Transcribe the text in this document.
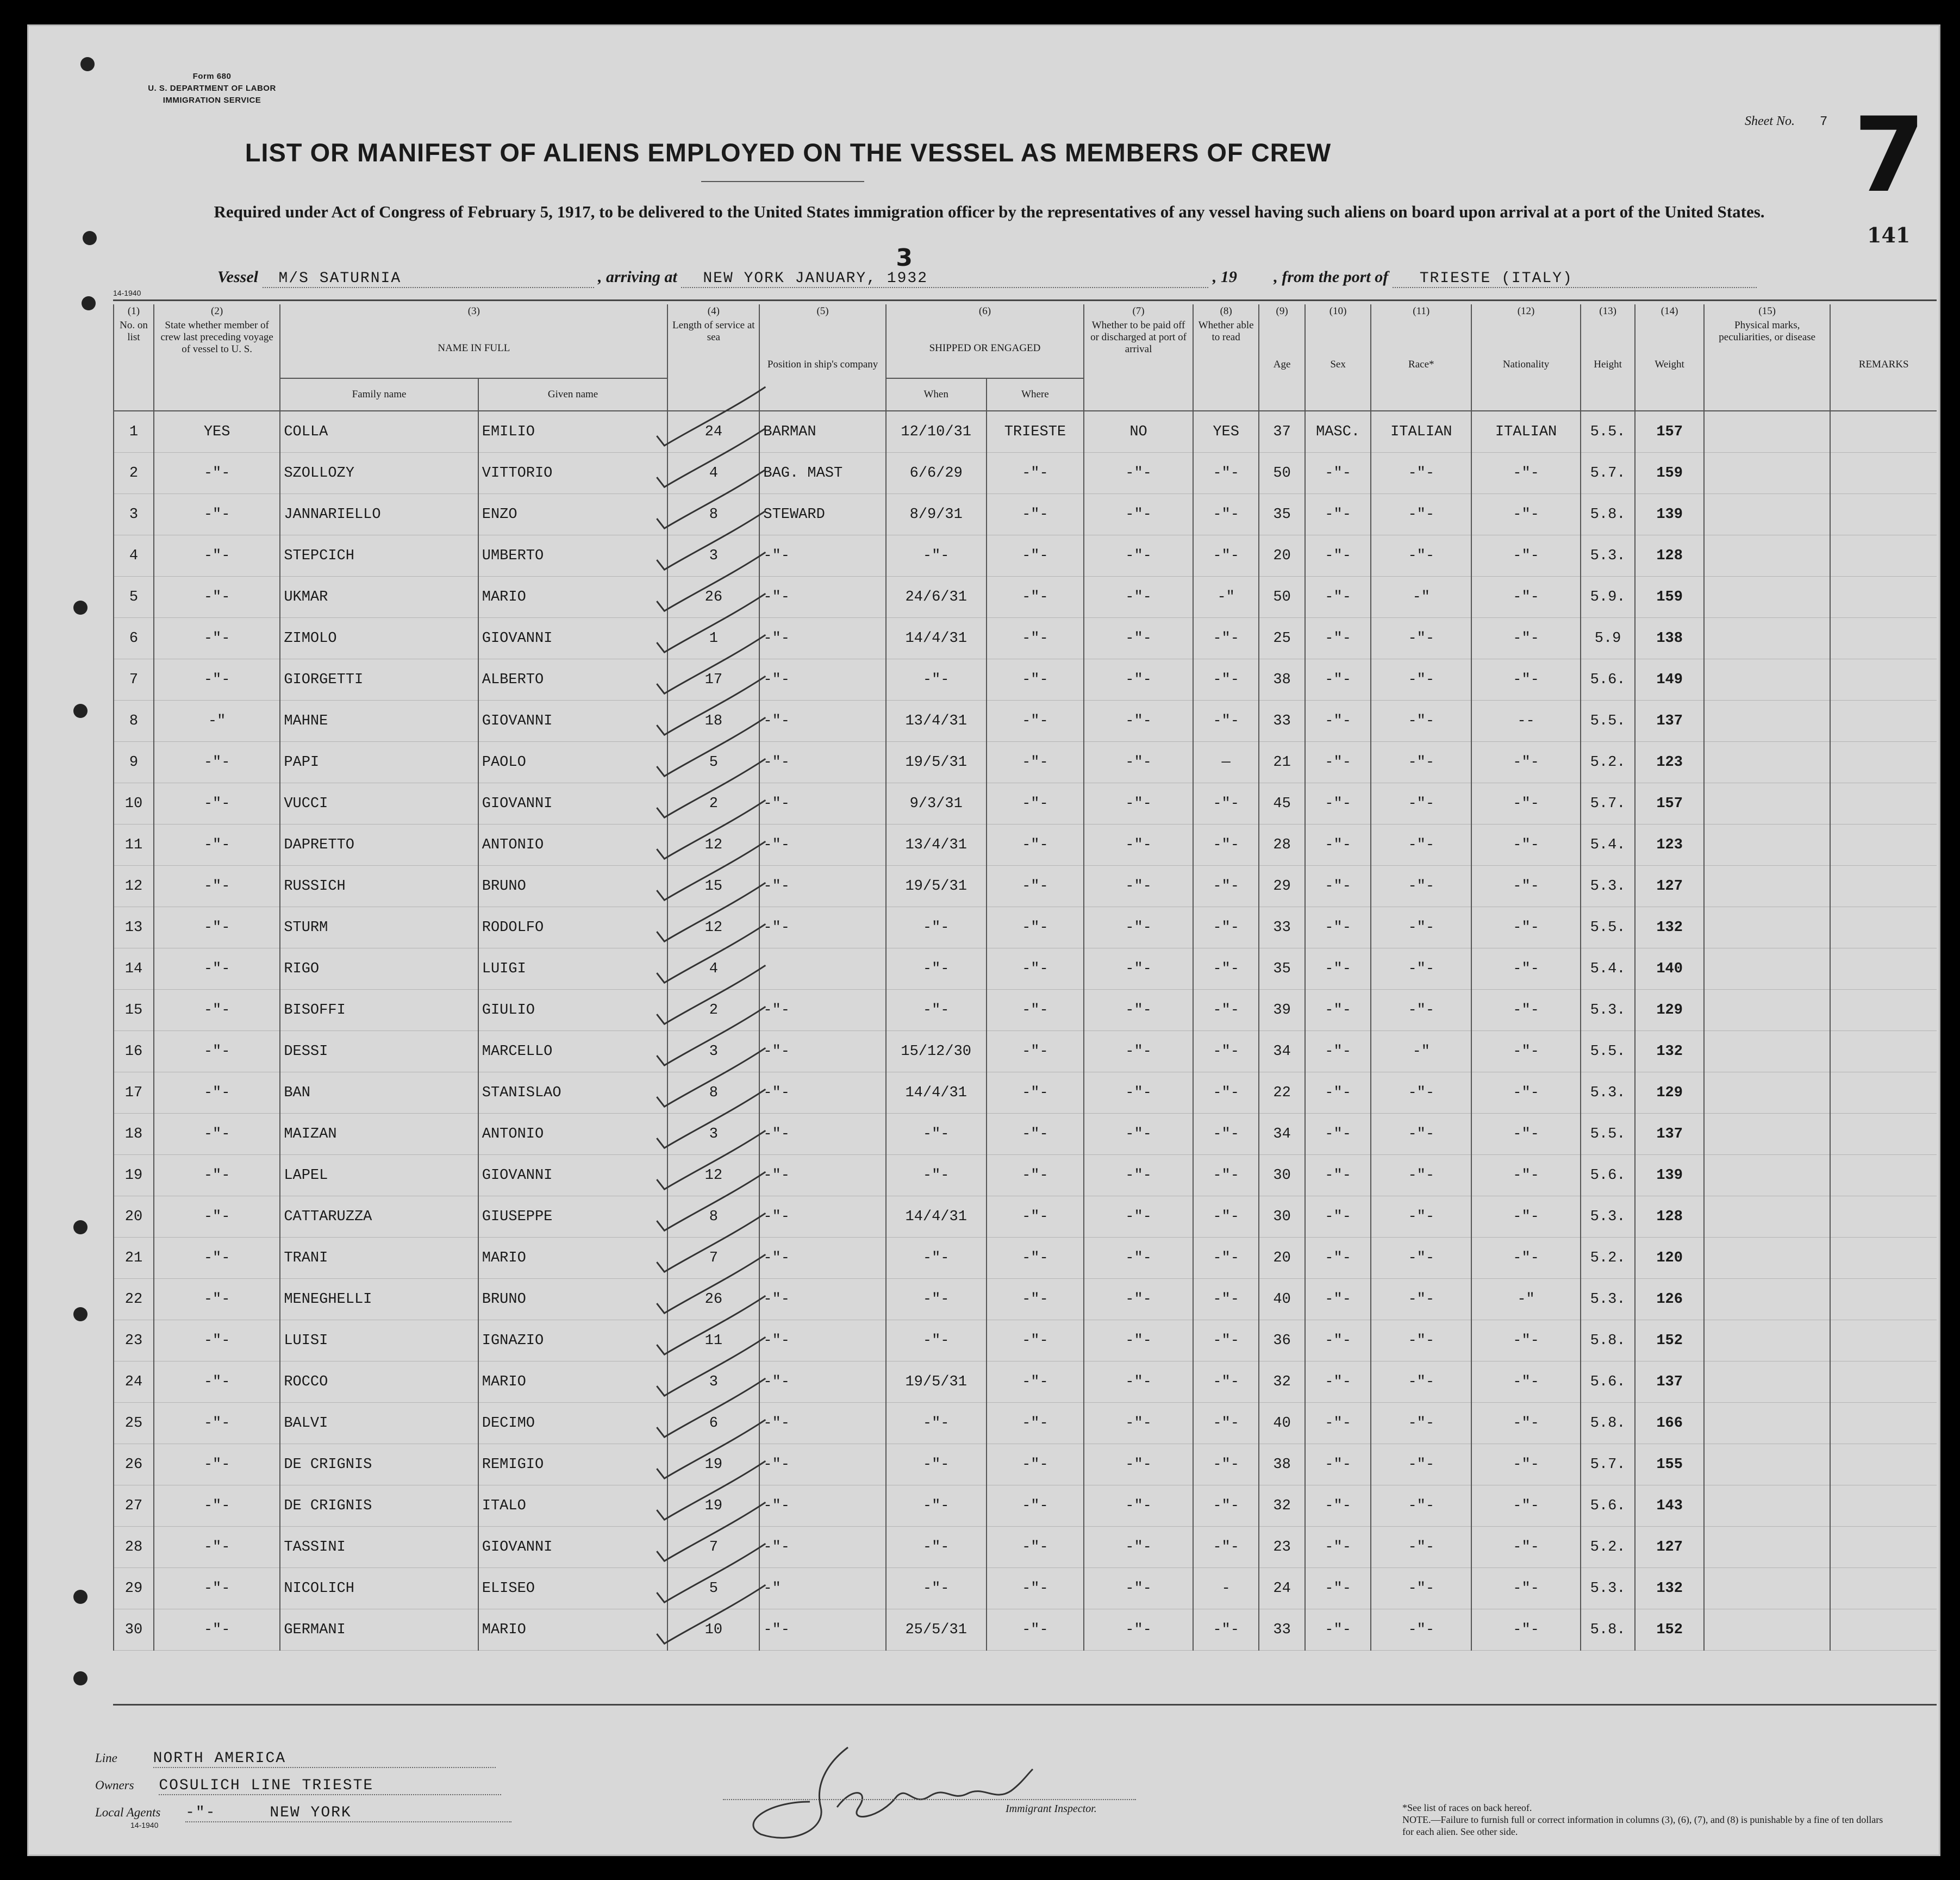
Form 680
U. S. DEPARTMENT OF LABOR
IMMIGRATION SERVICE
Sheet No. 7 7
141
LIST OR MANIFEST OF ALIENS EMPLOYED ON THE VESSEL AS MEMBERS OF CREW
Required under Act of Congress of February 5, 1917, to be delivered to the United States immigration officer by the representatives of any vessel having such aliens on board upon arrival at a port of the United States.
Vessel M/S SATURNIA	, arriving at NEW YORK JANUARY, 1932
3
, 19 , from the port of TRIESTE (ITALY)
14-1940
(1)	(2)	(3)		(4)	(5)	(6)		(7)	(8)	(9)	(10)	(11)	(12)	(13)	(14)	(15)	
No. on list	State whether member of crew last preceding voyage of vessel to U. S.	NAME IN FULL		Length of service at sea	Position in ship's company	SHIPPED OR ENGAGED		Whether to be paid off or discharged at port of arrival	Whether able to read	Age	Sex	Race*	Nationality	Height	Weight	Physical marks, peculiarities, or disease	REMARKS
		Family name	Given name			When	Where										
1	YES	COLLA	EMILIO	24	BARMAN	12/10/31	TRIESTE	NO	YES	37	MASC.	ITALIAN	ITALIAN	5.5.	157		
2	-"-	SZOLLOZY	VITTORIO	4	BAG. MAST	6/6/29	-"-	-"-	-"-	50	-"-	-"-	-"-	5.7.	159		
3	-"-	JANNARIELLO	ENZO	8	STEWARD	8/9/31	-"-	-"-	-"-	35	-"-	-"-	-"-	5.8.	139		
4	-"-	STEPCICH	UMBERTO	3	-"-	-"-	-"-	-"-	-"-	20	-"-	-"-	-"-	5.3.	128		
5	-"-	UKMAR	MARIO	26	-"-	24/6/31	-"-	-"-	-"	50	-"-	-"	-"-	5.9.	159		
6	-"-	ZIMOLO	GIOVANNI	1	-"-	14/4/31	-"-	-"-	-"-	25	-"-	-"-	-"-	5.9	138		
7	-"-	GIORGETTI	ALBERTO	17	-"-	-"-	-"-	-"-	-"-	38	-"-	-"-	-"-	5.6.	149		
8	-"	MAHNE	GIOVANNI	18	-"-	13/4/31	-"-	-"-	-"-	33	-"-	-"-	--	5.5.	137		
9	-"-	PAPI	PAOLO	5	-"-	19/5/31	-"-	-"-	—	21	-"-	-"-	-"-	5.2.	123		
10	-"-	VUCCI	GIOVANNI	2	-"-	9/3/31	-"-	-"-	-"-	45	-"-	-"-	-"-	5.7.	157		
11	-"-	DAPRETTO	ANTONIO	12	-"-	13/4/31	-"-	-"-	-"-	28	-"-	-"-	-"-	5.4.	123		
12	-"-	RUSSICH	BRUNO	15	-"-	19/5/31	-"-	-"-	-"-	29	-"-	-"-	-"-	5.3.	127		
13	-"-	STURM	RODOLFO	12	-"-	-"-	-"-	-"-	-"-	33	-"-	-"-	-"-	5.5.	132		
14	-"-	RIGO	LUIGI	4		-"-	-"-	-"-	-"-	35	-"-	-"-	-"-	5.4.	140		
15	-"-	BISOFFI	GIULIO	2	-"-	-"-	-"-	-"-	-"-	39	-"-	-"-	-"-	5.3.	129		
16	-"-	DESSI	MARCELLO	3	-"-	15/12/30	-"-	-"-	-"-	34	-"-	-"	-"-	5.5.	132		
17	-"-	BAN	STANISLAO	8	-"-	14/4/31	-"-	-"-	-"-	22	-"-	-"-	-"-	5.3.	129		
18	-"-	MAIZAN	ANTONIO	3	-"-	-"-	-"-	-"-	-"-	34	-"-	-"-	-"-	5.5.	137		
19	-"-	LAPEL	GIOVANNI	12	-"-	-"-	-"-	-"-	-"-	30	-"-	-"-	-"-	5.6.	139		
20	-"-	CATTARUZZA	GIUSEPPE	8	-"-	14/4/31	-"-	-"-	-"-	30	-"-	-"-	-"-	5.3.	128		
21	-"-	TRANI	MARIO	7	-"-	-"-	-"-	-"-	-"-	20	-"-	-"-	-"-	5.2.	120		
22	-"-	MENEGHELLI	BRUNO	26	-"-	-"-	-"-	-"-	-"-	40	-"-	-"-	-"	5.3.	126		
23	-"-	LUISI	IGNAZIO	11	-"-	-"-	-"-	-"-	-"-	36	-"-	-"-	-"-	5.8.	152		
24	-"-	ROCCO	MARIO	3	-"-	19/5/31	-"-	-"-	-"-	32	-"-	-"-	-"-	5.6.	137		
25	-"-	BALVI	DECIMO	6	-"-	-"-	-"-	-"-	-"-	40	-"-	-"-	-"-	5.8.	166		
26	-"-	DE CRIGNIS	REMIGIO	19	-"-	-"-	-"-	-"-	-"-	38	-"-	-"-	-"-	5.7.	155		
27	-"-	DE CRIGNIS	ITALO	19	-"-	-"-	-"-	-"-	-"-	32	-"-	-"-	-"-	5.6.	143		
28	-"-	TASSINI	GIOVANNI	7	-"-	-"-	-"-	-"-	-"-	23	-"-	-"-	-"-	5.2.	127		
29	-"-	NICOLICH	ELISEO	5	-"	-"-	-"-	-"-	-	24	-"-	-"-	-"-	5.3.	132		
30	-"-	GERMANI	MARIO	10	-"-	25/5/31	-"-	-"-	-"-	33	-"-	-"-	-"-	5.8.	152		
Line NORTH AMERICA
Owners COSULICH LINE TRIESTE
Local Agents -"-	NEW YORK
14-1940
Immigrant Inspector.	*See list of races on back hereof.
NOTE.—Failure to furnish full or correct information in columns (3), (6), (7), and (8) is punishable by a fine of ten dollars for each alien. See other side.
